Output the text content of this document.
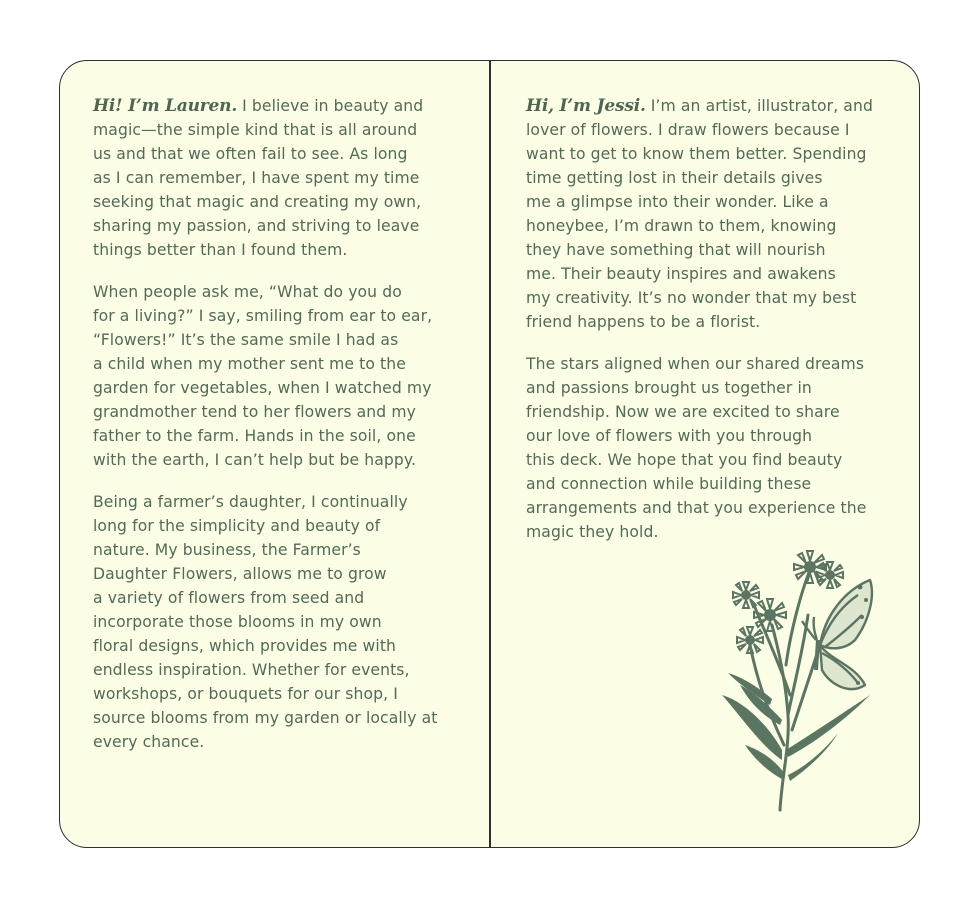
Hi! I’m Lauren. I believe in beauty and
magic—the simple kind that is all around
us and that we often fail to see. As long
as I can remember, I have spent my time
seeking that magic and creating my own,
sharing my passion, and striving to leave
things better than I found them.

When people ask me, “What do you do
for a living?” I say, smiling from ear to ear,
“Flowers!” It’s the same smile I had as
a child when my mother sent me to the
garden for vegetables, when I watched my
grandmother tend to her flowers and my
father to the farm. Hands in the soil, one
with the earth, I can’t help but be happy.

Being a farmer’s daughter, I continually
long for the simplicity and beauty of
nature. My business, the Farmer’s
Daughter Flowers, allows me to grow
a variety of flowers from seed and
incorporate those blooms in my own
floral designs, which provides me with
endless inspiration. Whether for events,
workshops, or bouquets for our shop, I
source blooms from my garden or locally at
every chance.

Hi, I’m Jessi. I’m an artist, illustrator, and
lover of flowers. I draw flowers because I
want to get to know them better. Spending
time getting lost in their details gives
me a glimpse into their wonder. Like a
honeybee, I’m drawn to them, knowing
they have something that will nourish
me. Their beauty inspires and awakens
my creativity. It’s no wonder that my best
friend happens to be a florist.

The stars aligned when our shared dreams
and passions brought us together in
friendship. Now we are excited to share
our love of flowers with you through
this deck. We hope that you find beauty
and connection while building these
arrangements and that you experience the
magic they hold.
